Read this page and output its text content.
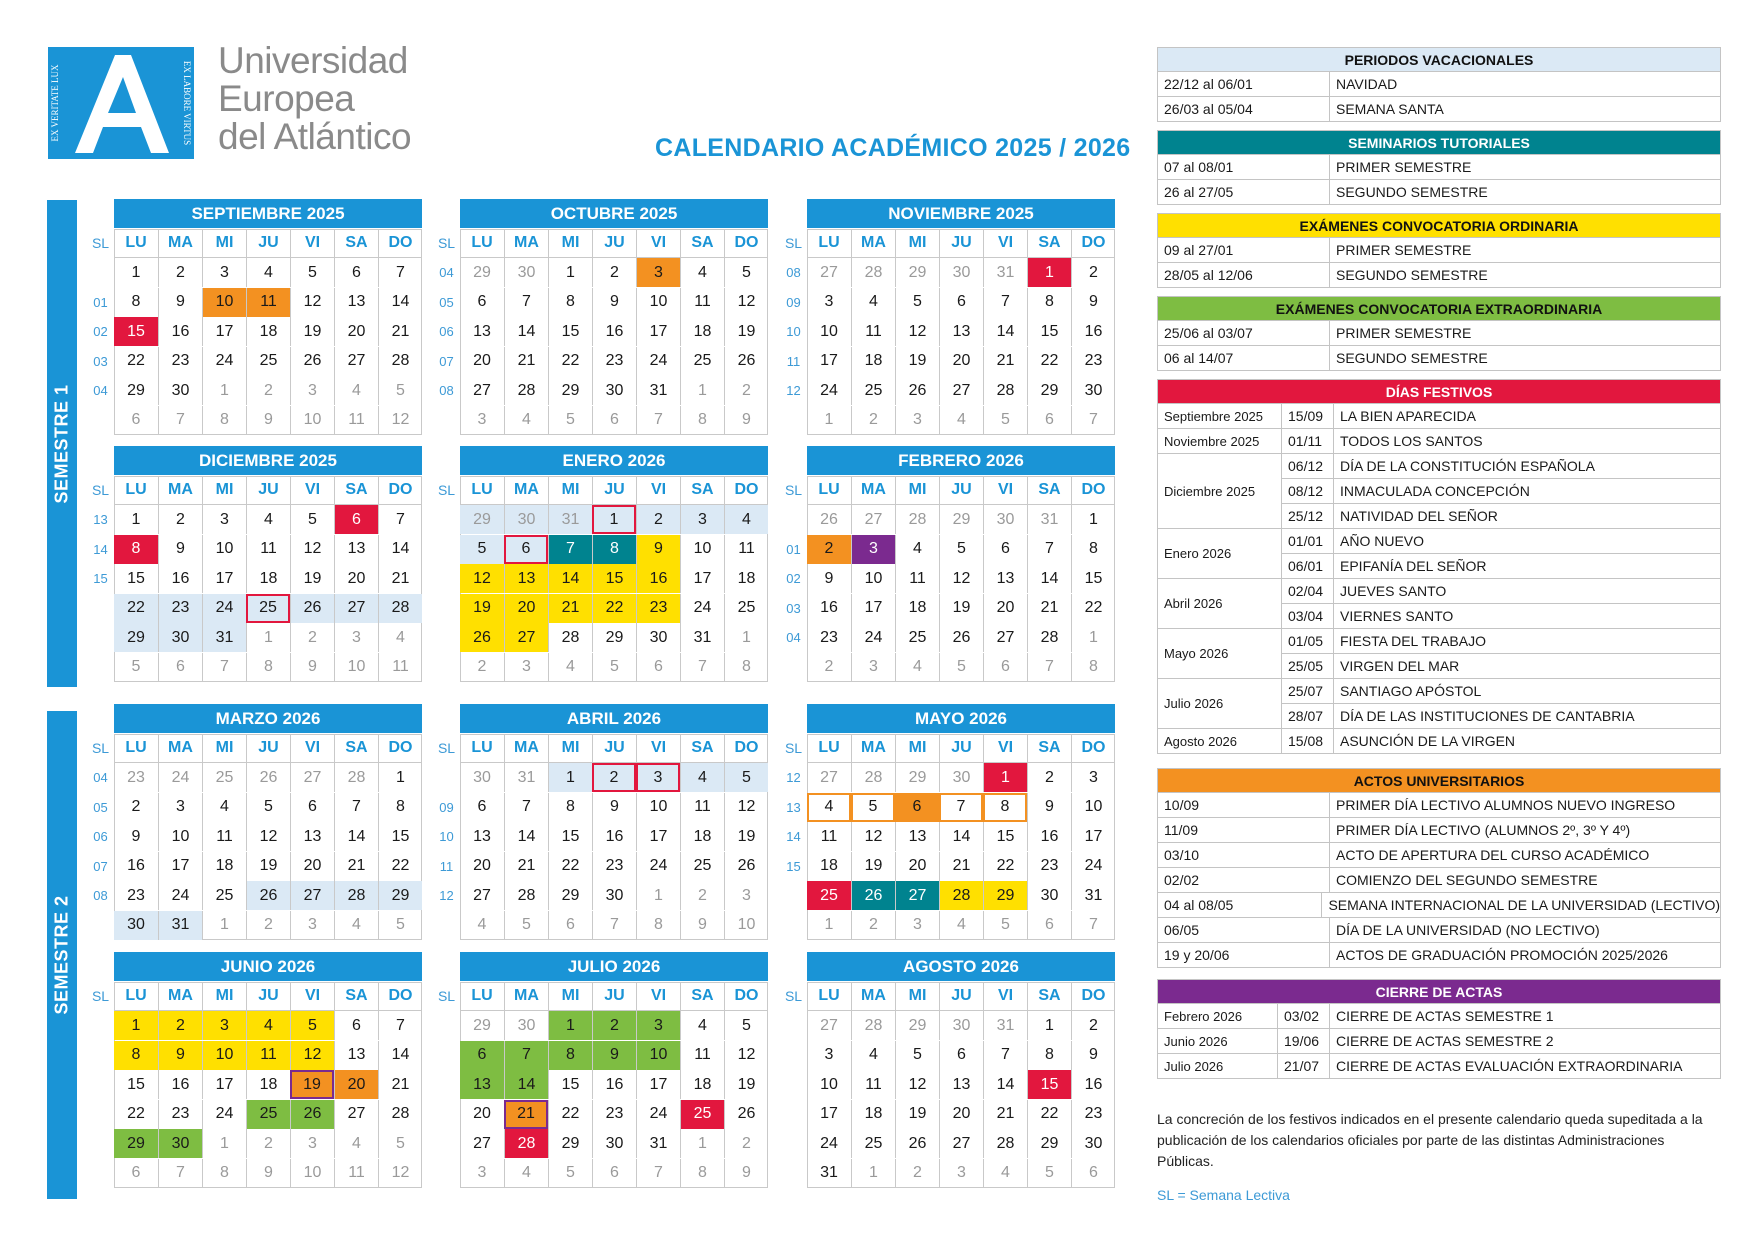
EX VERITATE LUX	EX LABORE VIRTUS
Universidad
Europea
del Atlántico	CALENDARIO ACADÉMICO 2025 / 2026
SEMESTRE 1
SEMESTRE 2
SEPTIEMBRE 2025
SL	LU	MA	MI	JU	VI	SA	DO
1	2	3	4	5	6	7
01	8	9	10	11	12	13	14
02	15	16	17	18	19	20	21
03	22	23	24	25	26	27	28
04	29	30	1	2	3	4	5
6	7	8	9	10	11	12
OCTUBRE 2025
SL	LU	MA	MI	JU	VI	SA	DO
04	29	30	1	2	3	4	5
05	6	7	8	9	10	11	12
06	13	14	15	16	17	18	19
07	20	21	22	23	24	25	26
08	27	28	29	30	31	1	2
3	4	5	6	7	8	9
NOVIEMBRE 2025
SL	LU	MA	MI	JU	VI	SA	DO
08	27	28	29	30	31	1	2
09	3	4	5	6	7	8	9
10	10	11	12	13	14	15	16
11	17	18	19	20	21	22	23
12	24	25	26	27	28	29	30
1	2	3	4	5	6	7
DICIEMBRE 2025
SL	LU	MA	MI	JU	VI	SA	DO
13	1	2	3	4	5	6	7
14	8	9	10	11	12	13	14
15	15	16	17	18	19	20	21
22	23	24	25	26	27	28
29	30	31	1	2	3	4
5	6	7	8	9	10	11
ENERO 2026
SL	LU	MA	MI	JU	VI	SA	DO
29	30	31	1	2	3	4
5	6	7	8	9	10	11
12	13	14	15	16	17	18
19	20	21	22	23	24	25
26	27	28	29	30	31	1
2	3	4	5	6	7	8
FEBRERO 2026
SL	LU	MA	MI	JU	VI	SA	DO
26	27	28	29	30	31	1
01	2	3	4	5	6	7	8
02	9	10	11	12	13	14	15
03	16	17	18	19	20	21	22
04	23	24	25	26	27	28	1
2	3	4	5	6	7	8
MARZO 2026
SL	LU	MA	MI	JU	VI	SA	DO
04	23	24	25	26	27	28	1
05	2	3	4	5	6	7	8
06	9	10	11	12	13	14	15
07	16	17	18	19	20	21	22
08	23	24	25	26	27	28	29
30	31	1	2	3	4	5
ABRIL 2026
SL	LU	MA	MI	JU	VI	SA	DO
30	31	1	2	3	4	5
09	6	7	8	9	10	11	12
10	13	14	15	16	17	18	19
11	20	21	22	23	24	25	26
12	27	28	29	30	1	2	3
4	5	6	7	8	9	10
MAYO 2026
SL	LU	MA	MI	JU	VI	SA	DO
12	27	28	29	30	1	2	3
13	4	5	6	7	8	9	10
14	11	12	13	14	15	16	17
15	18	19	20	21	22	23	24
25	26	27	28	29	30	31
1	2	3	4	5	6	7
JUNIO 2026
SL	LU	MA	MI	JU	VI	SA	DO
1	2	3	4	5	6	7
8	9	10	11	12	13	14
15	16	17	18	19	20	21
22	23	24	25	26	27	28
29	30	1	2	3	4	5
6	7	8	9	10	11	12
JULIO 2026
SL	LU	MA	MI	JU	VI	SA	DO
29	30	1	2	3	4	5
6	7	8	9	10	11	12
13	14	15	16	17	18	19
20	21	22	23	24	25	26
27	28	29	30	31	1	2
3	4	5	6	7	8	9
AGOSTO 2026
SL	LU	MA	MI	JU	VI	SA	DO
27	28	29	30	31	1	2
3	4	5	6	7	8	9
10	11	12	13	14	15	16
17	18	19	20	21	22	23
24	25	26	27	28	29	30
31	1	2	3	4	5	6
PERIODOS VACACIONALES
22/12 al 06/01	NAVIDAD
26/03 al 05/04	SEMANA SANTA
SEMINARIOS TUTORIALES
07 al 08/01	PRIMER SEMESTRE
26 al 27/05	SEGUNDO SEMESTRE
EXÁMENES CONVOCATORIA ORDINARIA
09 al 27/01	PRIMER SEMESTRE
28/05 al 12/06	SEGUNDO SEMESTRE
EXÁMENES CONVOCATORIA EXTRAORDINARIA
25/06 al 03/07	PRIMER SEMESTRE
06 al 14/07	SEGUNDO SEMESTRE
DÍAS FESTIVOS
Septiembre 2025	15/09	LA BIEN APARECIDA
Noviembre 2025	01/11	TODOS LOS SANTOS
Diciembre 2025
06/12	DÍA DE LA CONSTITUCIÓN ESPAÑOLA
08/12	INMACULADA CONCEPCIÓN
25/12	NATIVIDAD DEL SEÑOR
Enero 2026
01/01	AÑO NUEVO
06/01	EPIFANÍA DEL SEÑOR
Abril 2026
02/04	JUEVES SANTO
03/04	VIERNES SANTO
Mayo 2026
01/05	FIESTA DEL TRABAJO
25/05	VIRGEN DEL MAR
Julio 2026
25/07	SANTIAGO APÓSTOL
28/07	DÍA DE LAS INSTITUCIONES DE CANTABRIA
Agosto 2026	15/08	ASUNCIÓN DE LA VIRGEN
ACTOS UNIVERSITARIOS
10/09	PRIMER DÍA LECTIVO ALUMNOS NUEVO INGRESO
11/09	PRIMER DÍA LECTIVO (ALUMNOS 2º, 3º Y 4º)
03/10	ACTO DE APERTURA DEL CURSO ACADÉMICO
02/02	COMIENZO DEL SEGUNDO SEMESTRE
04 al 08/05	SEMANA INTERNACIONAL DE LA UNIVERSIDAD (LECTIVO)
06/05	DÍA DE LA UNIVERSIDAD (NO LECTIVO)
19 y 20/06	ACTOS DE GRADUACIÓN PROMOCIÓN 2025/2026
CIERRE DE ACTAS
Febrero 2026	03/02	CIERRE DE ACTAS SEMESTRE 1
Junio 2026	19/06	CIERRE DE ACTAS SEMESTRE 2
Julio 2026	21/07	CIERRE DE ACTAS EVALUACIÓN EXTRAORDINARIA
La concreción de los festivos indicados en el presente calendario queda supeditada a la publicación de los calendarios oficiales por parte de las distintas Administraciones Públicas.
SL = Semana Lectiva
